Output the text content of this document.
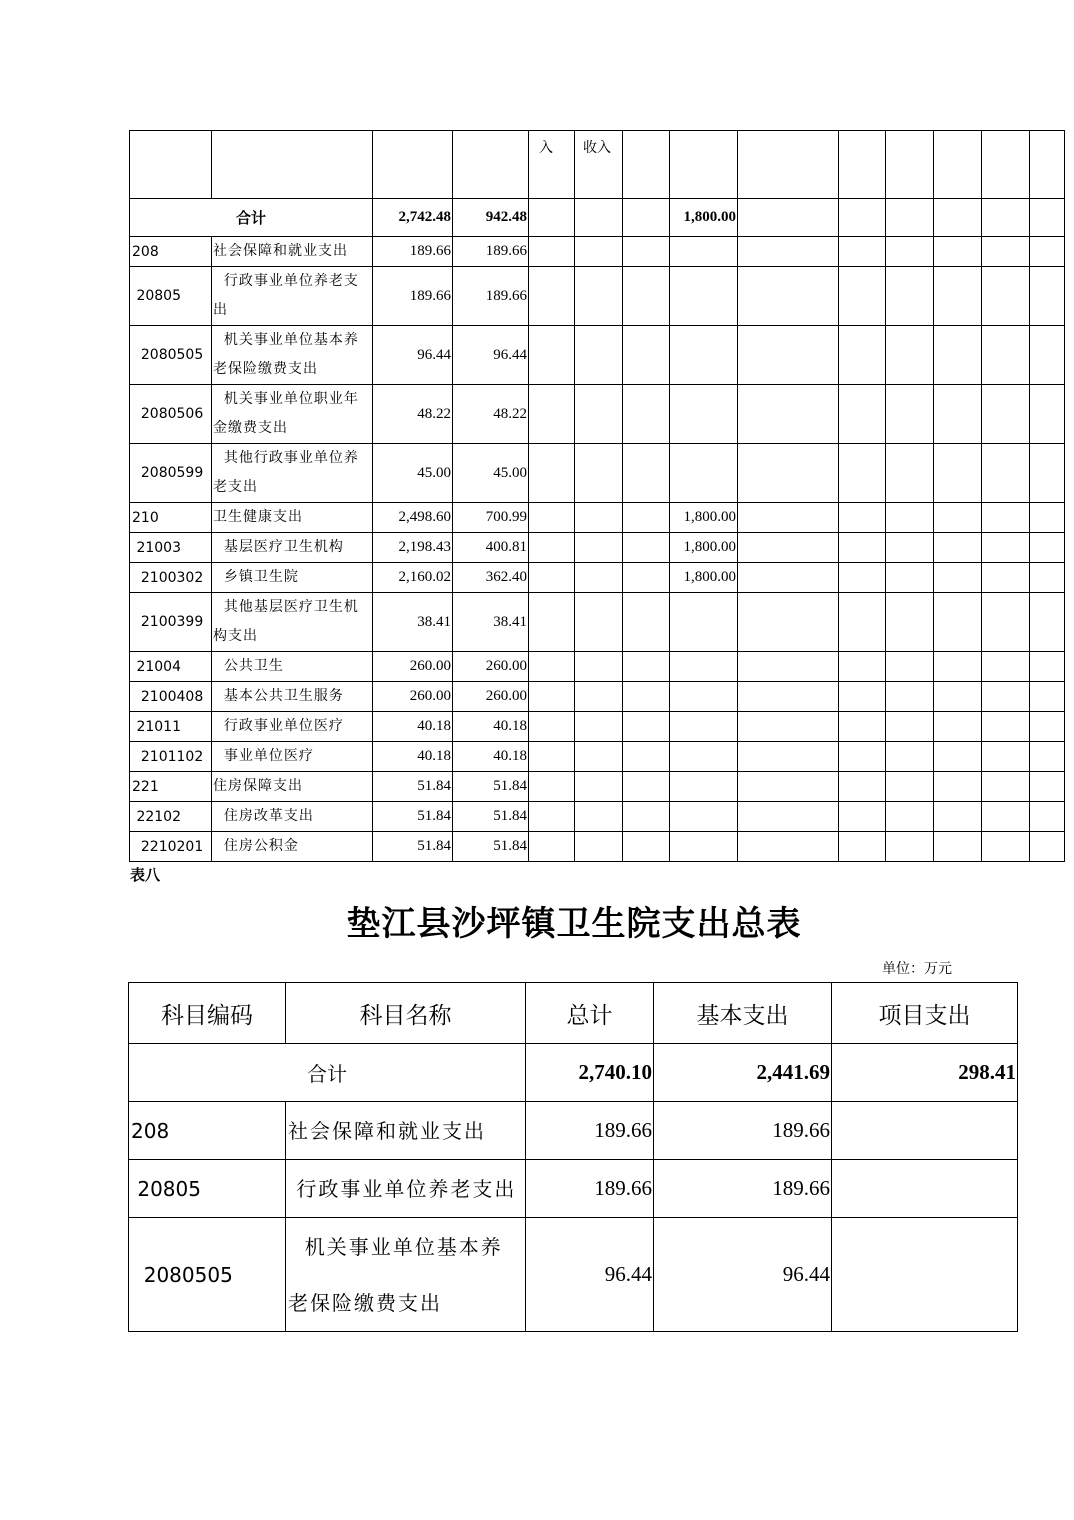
				入	收入								
合计		2,742.48	942.48				1,800.00						
208	社会保障和就业支出	189.66	189.66										
20805	行政事业单位养老支出	189.66	189.66										
2080505	机关事业单位基本养老保险缴费支出	96.44	96.44										
2080506	机关事业单位职业年金缴费支出	48.22	48.22										
2080599	其他行政事业单位养老支出	45.00	45.00										
210	卫生健康支出	2,498.60	700.99				1,800.00						
21003	基层医疗卫生机构	2,198.43	400.81				1,800.00						
2100302	乡镇卫生院	2,160.02	362.40				1,800.00						
2100399	其他基层医疗卫生机构支出	38.41	38.41										
21004	公共卫生	260.00	260.00										
2100408	基本公共卫生服务	260.00	260.00										
21011	行政事业单位医疗	40.18	40.18										
2101102	事业单位医疗	40.18	40.18										
221	住房保障支出	51.84	51.84										
22102	住房改革支出	51.84	51.84										
2210201	住房公积金	51.84	51.84										
表八
垫江县沙坪镇卫生院支出总表
单位：万元
科目编码	科目名称	总计	基本支出	项目支出
合计		2,740.10	2,441.69	298.41
208	社会保障和就业支出	189.66	189.66	
20805	行政事业单位养老支出	189.66	189.66	
2080505	机关事业单位基本养老保险缴费支出	96.44	96.44	
